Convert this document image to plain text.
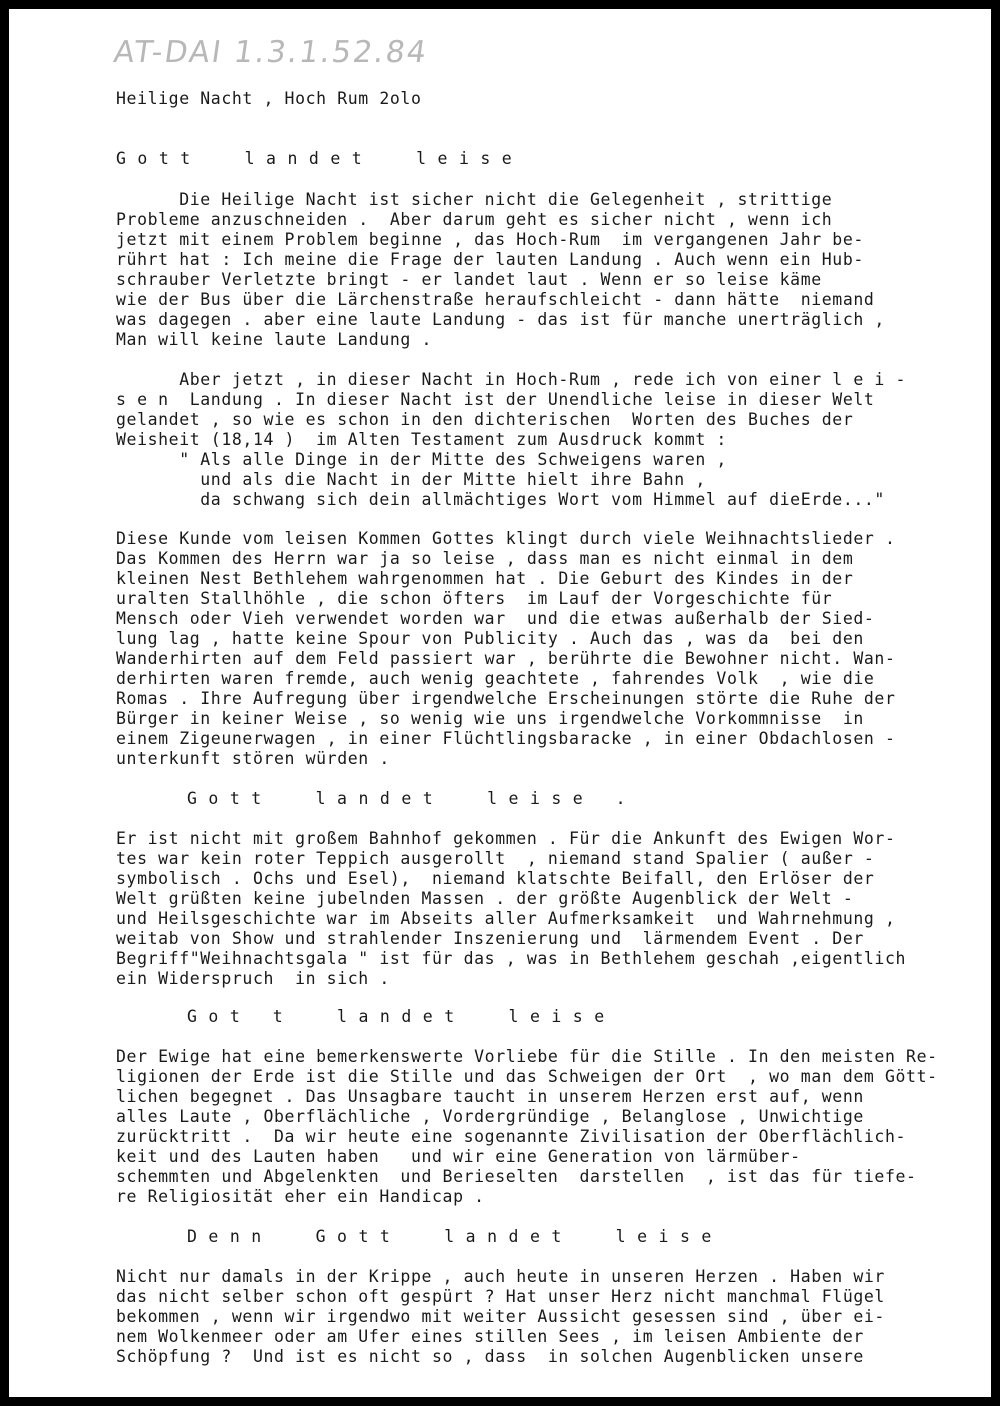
AT-DAI 1.3.1.52.84

Heilige Nacht , Hoch Rum 2olo

Gott  landet  leise

Die Heilige Nacht ist sicher nicht die Gelegenheit , strittige

Probleme anzuschneiden .  Aber darum geht es sicher nicht , wenn ich

jetzt mit einem Problem beginne , das Hoch-Rum  im vergangenen Jahr be-

rührt hat : Ich meine die Frage der lauten Landung . Auch wenn ein Hub-

schrauber Verletzte bringt - er landet laut . Wenn er so leise käme

wie der Bus über die Lärchenstraße heraufschleicht - dann hätte  niemand

was dagegen . aber eine laute Landung - das ist für manche unerträglich ,

Man will keine laute Landung .

Aber jetzt , in dieser Nacht in Hoch-Rum , rede ich von einer l e i -

s e n  Landung . In dieser Nacht ist der Unendliche leise in dieser Welt

gelandet , so wie es schon in den dichterischen  Worten des Buches der

Weisheit (18,14 )  im Alten Testament zum Ausdruck kommt :

" Als alle Dinge in der Mitte des Schweigens waren ,

und als die Nacht in der Mitte hielt ihre Bahn ,

da schwang sich dein allmächtiges Wort vom Himmel auf dieErde..."

Diese Kunde vom leisen Kommen Gottes klingt durch viele Weihnachtslieder .

Das Kommen des Herrn war ja so leise , dass man es nicht einmal in dem

kleinen Nest Bethlehem wahrgenommen hat . Die Geburt des Kindes in der

uralten Stallhöhle , die schon öfters  im Lauf der Vorgeschichte für

Mensch oder Vieh verwendet worden war  und die etwas außerhalb der Sied-

lung lag , hatte keine Spour von Publicity . Auch das , was da  bei den

Wanderhirten auf dem Feld passiert war , berührte die Bewohner nicht. Wan-

derhirten waren fremde, auch wenig geachtete , fahrendes Volk  , wie die

Romas . Ihre Aufregung über irgendwelche Erscheinungen störte die Ruhe der

Bürger in keiner Weise , so wenig wie uns irgendwelche Vorkommnisse  in

einem Zigeunerwagen , in einer Flüchtlingsbaracke , in einer Obdachlosen -

unterkunft stören würden .

Gott  landet  leise .

Er ist nicht mit großem Bahnhof gekommen . Für die Ankunft des Ewigen Wor-

tes war kein roter Teppich ausgerollt  , niemand stand Spalier ( außer -

symbolisch . Ochs und Esel),  niemand klatschte Beifall, den Erlöser der

Welt grüßten keine jubelnden Massen . der größte Augenblick der Welt -

und Heilsgeschichte war im Abseits aller Aufmerksamkeit  und Wahrnehmung ,

weitab von Show und strahlender Inszenierung und  lärmendem Event . Der

Begriff"Weihnachtsgala " ist für das , was in Bethlehem geschah ,eigentlich

ein Widerspruch  in sich .

Got t  landet  leise

Der Ewige hat eine bemerkenswerte Vorliebe für die Stille . In den meisten Re-

ligionen der Erde ist die Stille und das Schweigen der Ort  , wo man dem Gött-

lichen begegnet . Das Unsagbare taucht in unserem Herzen erst auf, wenn

alles Laute , Oberflächliche , Vordergründige , Belanglose , Unwichtige

zurücktritt .  Da wir heute eine sogenannte Zivilisation der Oberflächlich-

keit und des Lauten haben   und wir eine Generation von lärmüber-

schemmten und Abgelenkten  und Berieselten  darstellen  , ist das für tiefe-

re Religiosität eher ein Handicap .

Denn  Gott  landet  leise

Nicht nur damals in der Krippe , auch heute in unseren Herzen . Haben wir

das nicht selber schon oft gespürt ? Hat unser Herz nicht manchmal Flügel

bekommen , wenn wir irgendwo mit weiter Aussicht gesessen sind , über ei-

nem Wolkenmeer oder am Ufer eines stillen Sees , im leisen Ambiente der

Schöpfung ?  Und ist es nicht so , dass  in solchen Augenblicken unsere
